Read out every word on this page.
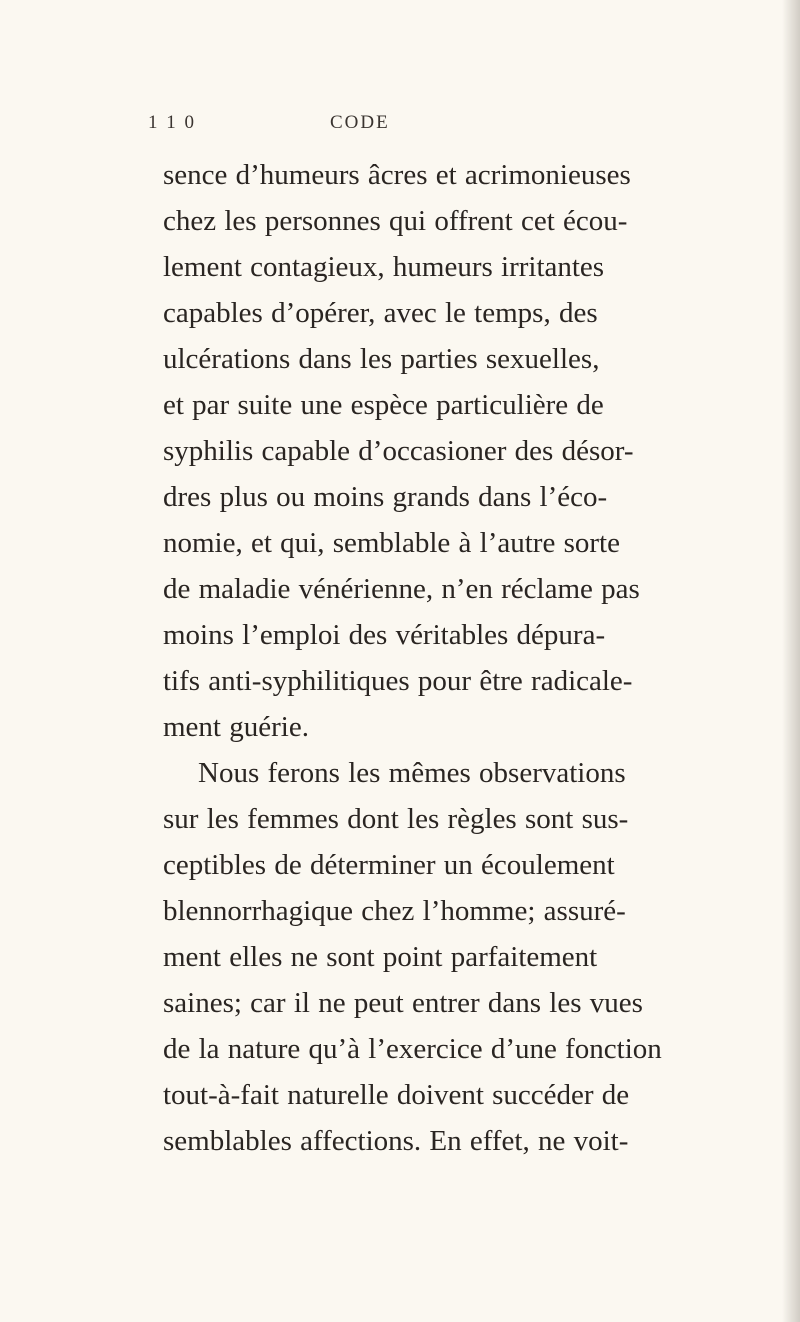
1 1 0	CODE
sence d’humeurs âcres et acrimonieuses
chez les personnes qui offrent cet écou-
lement contagieux, humeurs irritantes
capables d’opérer, avec le temps, des
ulcérations dans les parties sexuelles,
et par suite une espèce particulière de
syphilis capable d’occasioner des désor-
dres plus ou moins grands dans l’éco-
nomie, et qui, semblable à l’autre sorte
de maladie vénérienne, n’en réclame pas
moins l’emploi des véritables dépura-
tifs anti-syphilitiques pour être radicale-
ment guérie.
Nous ferons les mêmes observations
sur les femmes dont les règles sont sus-
ceptibles de déterminer un écoulement
blennorrhagique chez l’homme; assuré-
ment elles ne sont point parfaitement
saines; car il ne peut entrer dans les vues
de la nature qu’à l’exercice d’une fonction
tout-à-fait naturelle doivent succéder de
semblables affections. En effet, ne voit-
